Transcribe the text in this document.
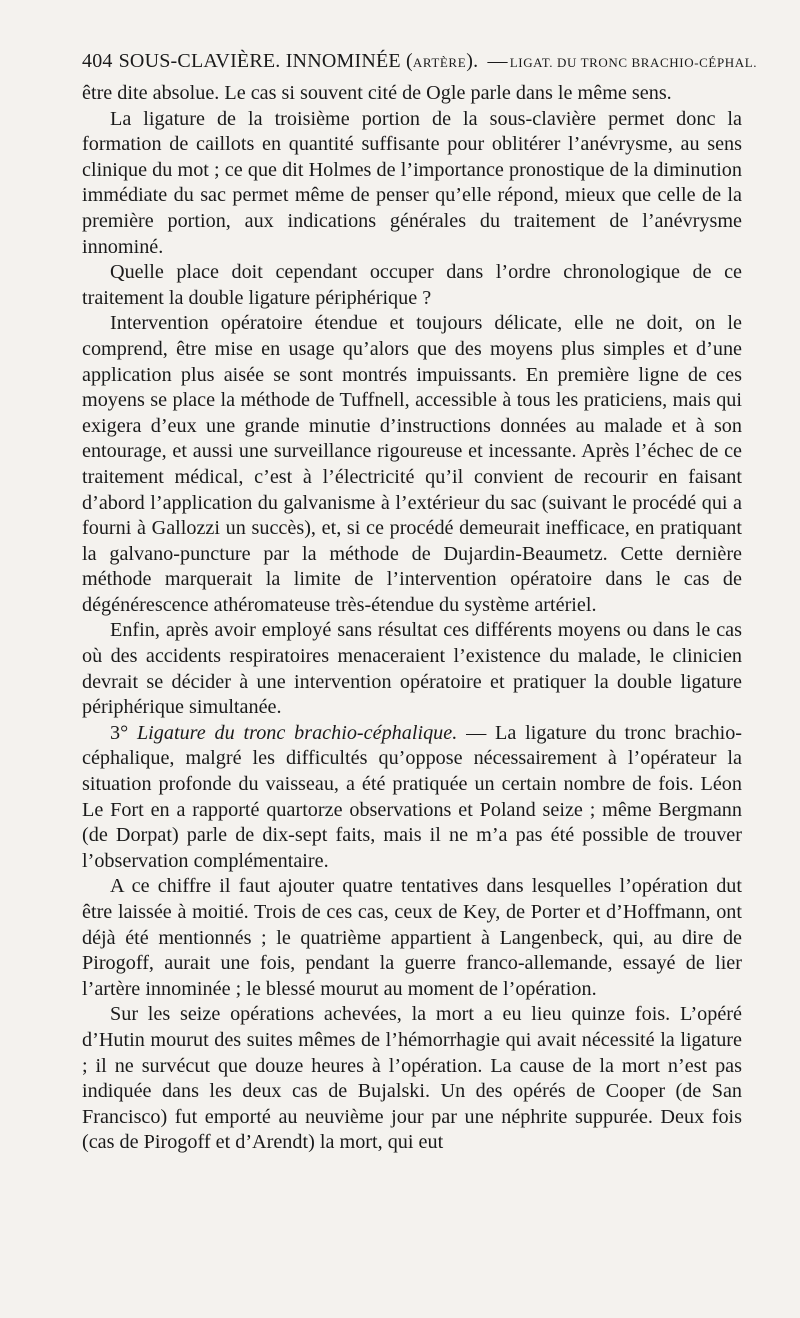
404 SOUS-CLAVIÈRE. INNOMINÉE (ARTÈRE). — LIGAT. DU TRONC BRACHIO-CÉPHAL.

être dite absolue. Le cas si souvent cité de Ogle parle dans le même sens.

La ligature de la troisième portion de la sous-clavière permet donc la formation de caillots en quantité suffisante pour oblitérer l’anévrysme, au sens clinique du mot ; ce que dit Holmes de l’importance pronostique de la diminution immédiate du sac permet même de penser qu’elle répond, mieux que celle de la première portion, aux indications générales du traitement de l’anévrysme innominé.

Quelle place doit cependant occuper dans l’ordre chronologique de ce traitement la double ligature périphérique ?

Intervention opératoire étendue et toujours délicate, elle ne doit, on le comprend, être mise en usage qu’alors que des moyens plus simples et d’une application plus aisée se sont montrés impuissants. En première ligne de ces moyens se place la méthode de Tuffnell, accessible à tous les praticiens, mais qui exigera d’eux une grande minutie d’instructions données au malade et à son entourage, et aussi une surveillance rigoureuse et incessante. Après l’échec de ce traitement médical, c’est à l’électricité qu’il convient de recourir en faisant d’abord l’application du galvanisme à l’extérieur du sac (suivant le procédé qui a fourni à Gallozzi un succès), et, si ce procédé demeurait inefficace, en pratiquant la galvano-puncture par la méthode de Dujardin-Beaumetz. Cette dernière méthode marquerait la limite de l’intervention opératoire dans le cas de dégénérescence athéromateuse très-étendue du système artériel.

Enfin, après avoir employé sans résultat ces différents moyens ou dans le cas où des accidents respiratoires menaceraient l’existence du malade, le clinicien devrait se décider à une intervention opératoire et pratiquer la double ligature périphérique simultanée.

3° Ligature du tronc brachio-céphalique. — La ligature du tronc brachio-céphalique, malgré les difficultés qu’oppose nécessairement à l’opérateur la situation profonde du vaisseau, a été pratiquée un certain nombre de fois. Léon Le Fort en a rapporté quartorze observations et Poland seize ; même Bergmann (de Dorpat) parle de dix-sept faits, mais il ne m’a pas été possible de trouver l’observation complémentaire.

A ce chiffre il faut ajouter quatre tentatives dans lesquelles l’opération dut être laissée à moitié. Trois de ces cas, ceux de Key, de Porter et d’Hoffmann, ont déjà été mentionnés ; le quatrième appartient à Langenbeck, qui, au dire de Pirogoff, aurait une fois, pendant la guerre franco-allemande, essayé de lier l’artère innominée ; le blessé mourut au moment de l’opération.

Sur les seize opérations achevées, la mort a eu lieu quinze fois. L’opéré d’Hutin mourut des suites mêmes de l’hémorrhagie qui avait nécessité la ligature ; il ne survécut que douze heures à l’opération. La cause de la mort n’est pas indiquée dans les deux cas de Bujalski. Un des opérés de Cooper (de San Francisco) fut emporté au neuvième jour par une néphrite suppurée. Deux fois (cas de Pirogoff et d’Arendt) la mort, qui eut
